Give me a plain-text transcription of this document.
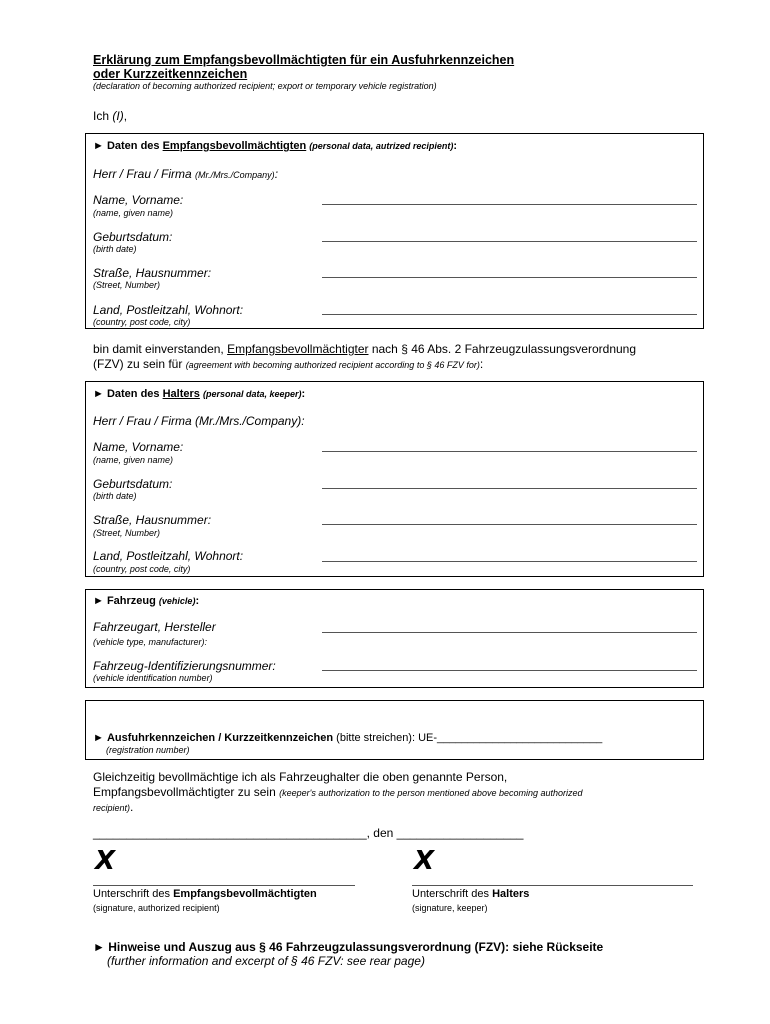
Erklärung zum Empfangsbevollmächtigten für ein Ausfuhrkennzeichen
oder Kurzzeitkennzeichen
(declaration of becoming authorized recipient; export or temporary vehicle registration)
Ich (I),
► Daten des Empfangsbevollmächtigten (personal data, autrized recipient):
Herr / Frau / Firma (Mr./Mrs./Company):
Name, Vorname:
(name, given name)
Geburtsdatum:
(birth date)
Straße, Hausnummer:
(Street, Number)
Land, Postleitzahl, Wohnort:
(country, post code, city)
bin damit einverstanden, Empfangsbevollmächtigter nach § 46 Abs. 2 Fahrzeugzulassungsverordnung
(FZV) zu sein für (agreement with becoming authorized recipient according to § 46 FZV for):
► Daten des Halters (personal data, keeper):
Herr / Frau / Firma (Mr./Mrs./Company):
Name, Vorname:
(name, given name)
Geburtsdatum:
(birth date)
Straße, Hausnummer:
(Street, Number)
Land, Postleitzahl, Wohnort:
(country, post code, city)
► Fahrzeug (vehicle):
Fahrzeugart, Hersteller
(vehicle type, manufacturer):
Fahrzeug-Identifizierungsnummer:
(vehicle identification number)
► Ausfuhrkennzeichen / Kurzzeitkennzeichen (bitte streichen): UE-___________________________
(registration number)
Gleichzeitig bevollmächtige ich als Fahrzeughalter die oben genannte Person,
Empfangsbevollmächtigter zu sein (keeper's authorization to the person mentioned above becoming authorized
recipient).
_________________________________________, den ___________________
X
Unterschrift des Empfangsbevollmächtigten
(signature, authorized recipient)
X
Unterschrift des Halters
(signature, keeper)
► Hinweise und Auszug aus § 46 Fahrzeugzulassungsverordnung (FZV): siehe Rückseite
(further information and excerpt of § 46 FZV: see rear page)
